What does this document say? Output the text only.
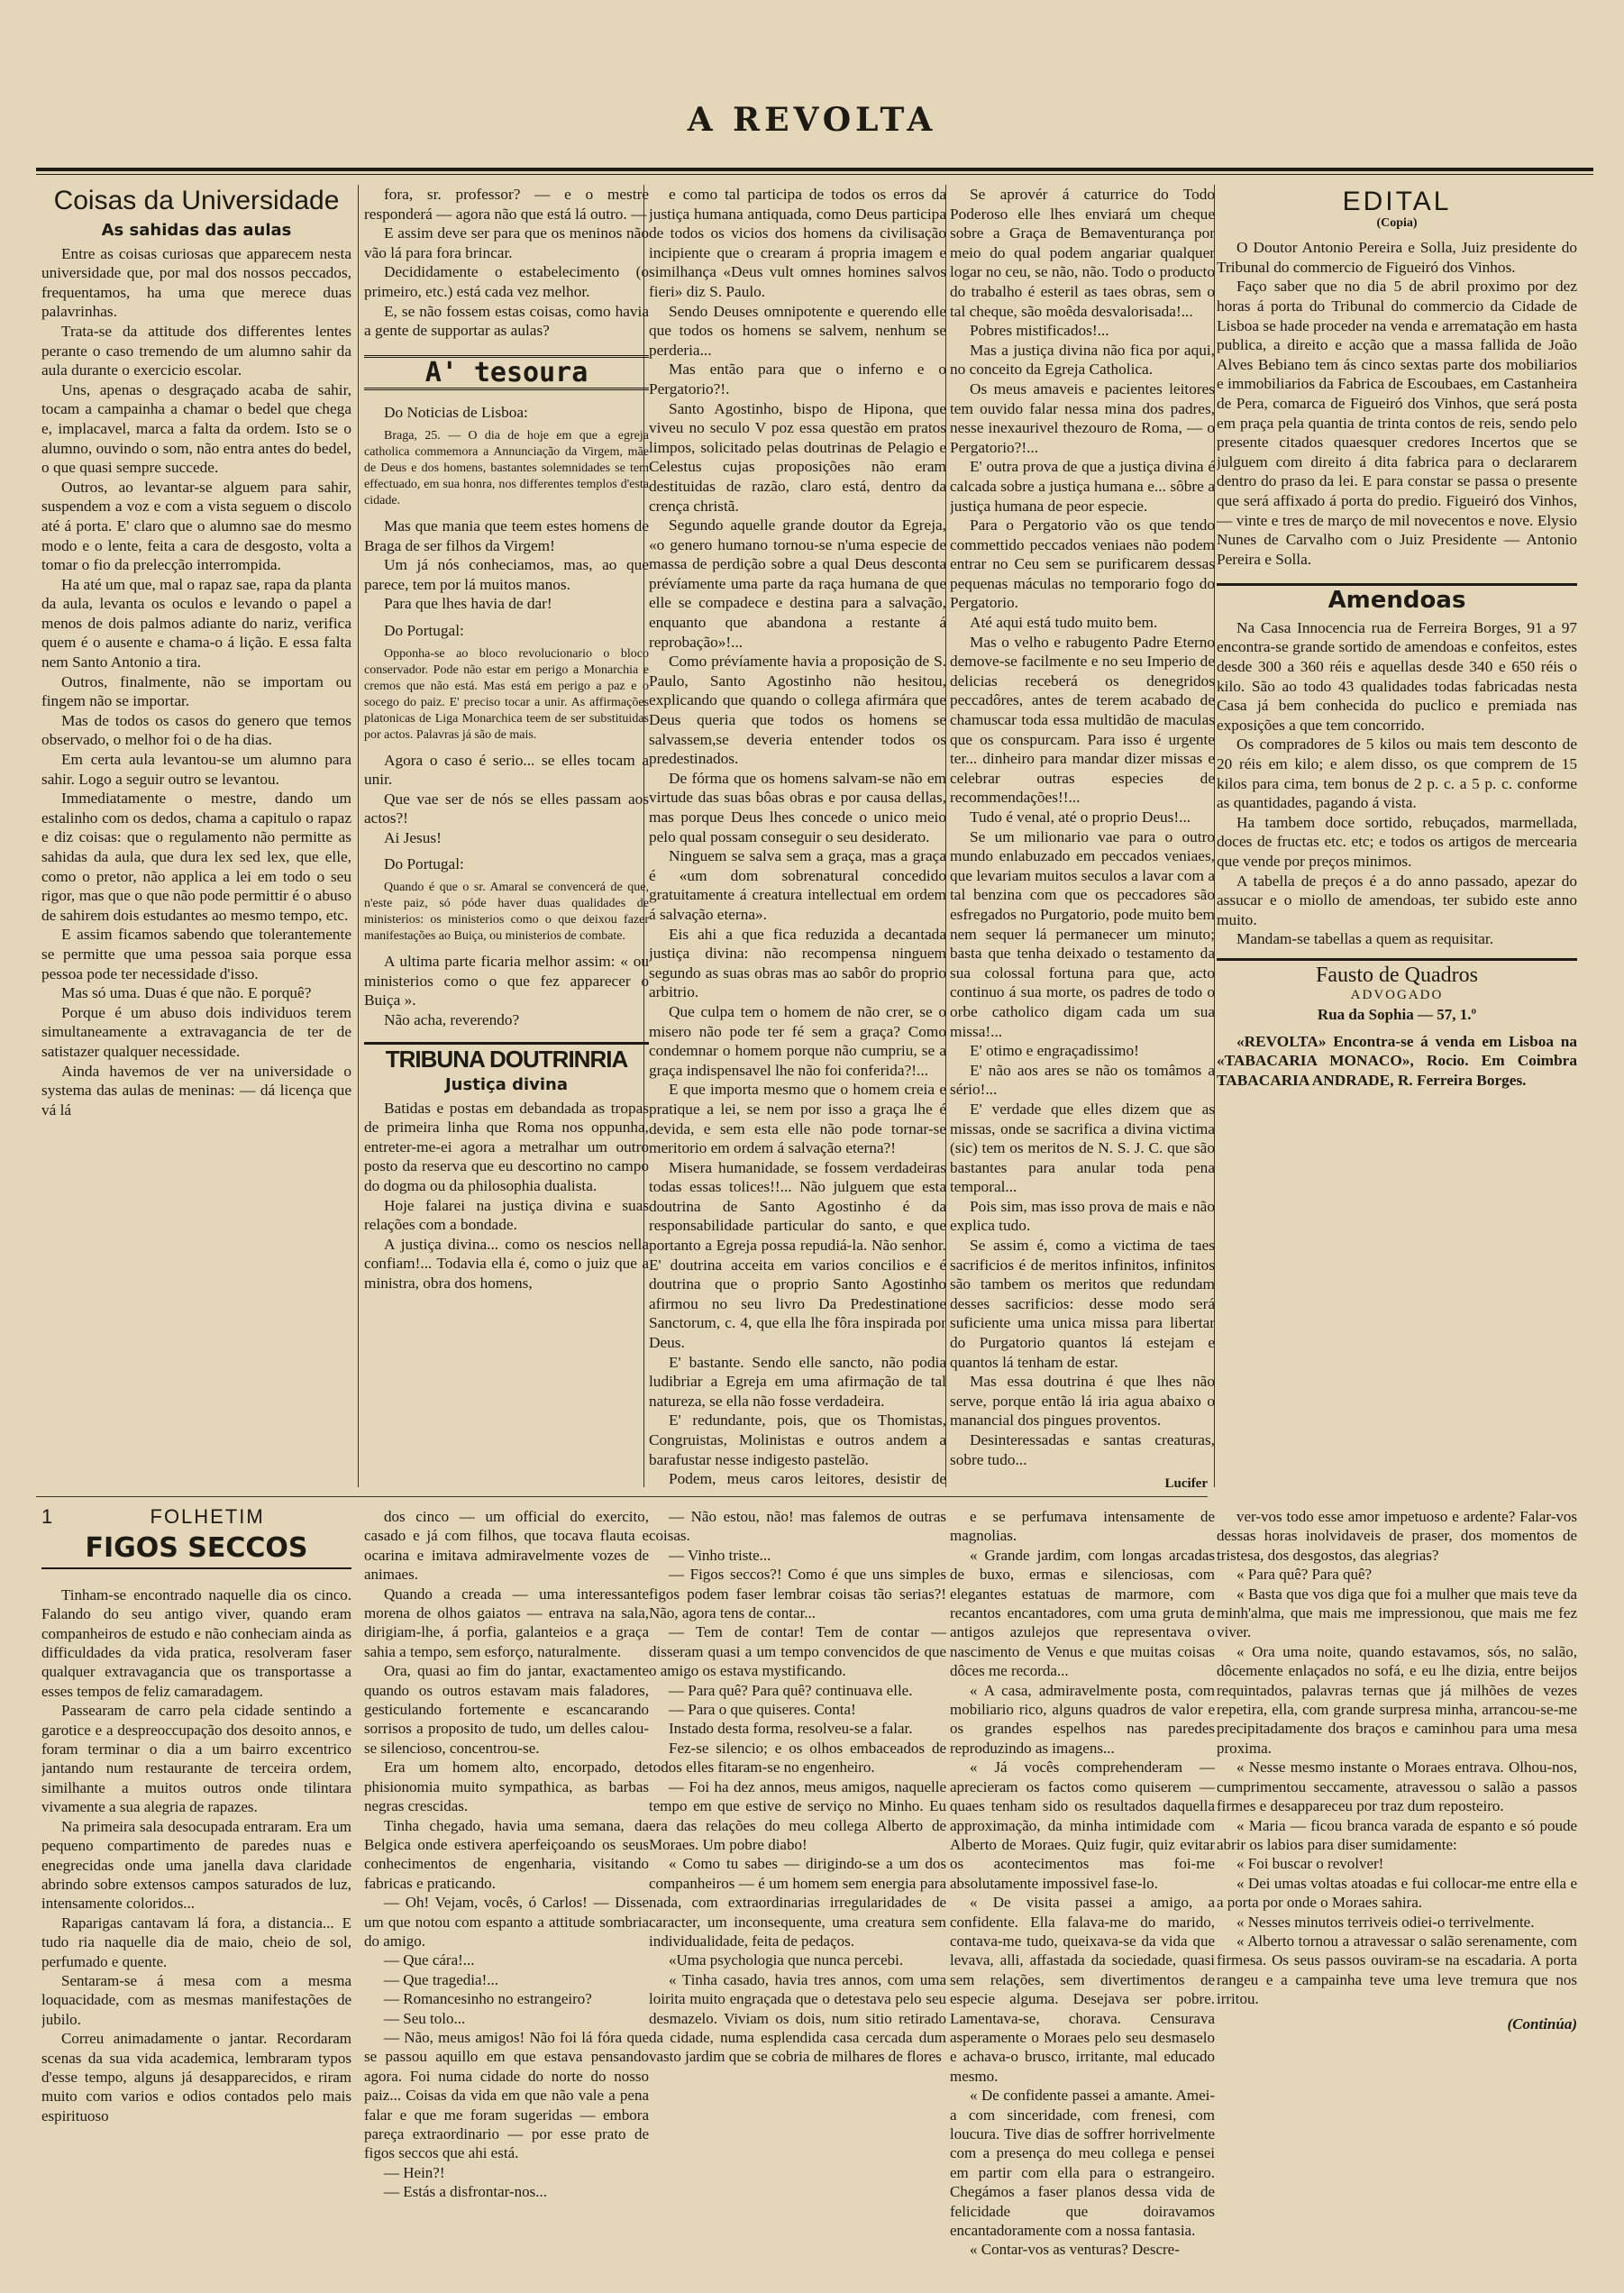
A REVOLTA
Coisas da Universidade
As sahidas das aulas

Entre as coisas curiosas que apparecem nesta universidade que, por mal dos nossos peccados, frequentamos, ha uma que merece duas palavrinhas.

Trata-se da attitude dos differentes lentes perante o caso tremendo de um alumno sahir da aula durante o exercicio escolar.

Uns, apenas o desgraçado acaba de sahir, tocam a campainha a chamar o bedel que chega e, implacavel, marca a falta da ordem. Isto se o alumno, ouvindo o som, não entra antes do bedel, o que quasi sempre succede.

Outros, ao levantar-se alguem para sahir, suspendem a voz e com a vista seguem o discolo até á porta. E' claro que o alumno sae do mesmo modo e o lente, feita a cara de desgosto, volta a tomar o fio da prelecção interrompida.

Ha até um que, mal o rapaz sae, rapa da planta da aula, levanta os oculos e levando o papel a menos de dois palmos adiante do nariz, verifica quem é o ausente e chama-o á lição. E essa falta nem Santo Antonio a tira.

Outros, finalmente, não se importam ou fingem não se importar.

Mas de todos os casos do genero que temos observado, o melhor foi o de ha dias.

Em certa aula levantou-se um alumno para sahir. Logo a seguir outro se levantou.

Immediatamente o mestre, dando um estalinho com os dedos, chama a capitulo o rapaz e diz coisas: que o regulamento não permitte as sahidas da aula, que dura lex sed lex, que elle, como o pretor, não applica a lei em todo o seu rigor, mas que o que não pode permittir é o abuso de sahirem dois estudantes ao mesmo tempo, etc.

E assim ficamos sabendo que tolerantemente se permitte que uma pessoa saia porque essa pessoa pode ter necessidade d'isso.

Mas só uma. Duas é que não. E porquê?

Porque é um abuso dois individuos terem simultaneamente a extravagancia de ter de satistazer qualquer necessidade.

Ainda havemos de ver na universidade o systema das aulas de meninas: — dá licença que vá lá

fora, sr. professor? — e o mestre responderá — agora não que está lá outro. —

E assim deve ser para que os meninos não vão lá para fora brincar.

Decididamente o estabelecimento (o primeiro, etc.) está cada vez melhor.

E, se não fossem estas coisas, como havia a gente de supportar as aulas?

A' tesoura

Do Noticias de Lisboa:

Braga, 25. — O dia de hoje em que a egreja catholica commemora a Annunciação da Virgem, mãe de Deus e dos homens, bastantes solemnidades se tem effectuado, em sua honra, nos differentes templos d'esta cidade.

Mas que mania que teem estes homens de Braga de ser filhos da Virgem!

Um já nós conheciamos, mas, ao que parece, tem por lá muitos manos.

Para que lhes havia de dar!

Do Portugal:

Opponha-se ao bloco revolucionario o bloco conservador. Pode não estar em perigo a Monarchia e cremos que não está. Mas está em perigo a paz e o socego do paiz. E' preciso tocar a unir. As affirmações platonicas de Liga Monarchica teem de ser substituidas por actos. Palavras já são de mais.

Agora o caso é serio... se elles tocam a unir.

Que vae ser de nós se elles passam aos actos?!

Ai Jesus!

Do Portugal:

Quando é que o sr. Amaral se convencerá de que, n'este paiz, só póde haver duas qualidades de ministerios: os ministerios como o que deixou fazer manifestações ao Buiça, ou ministerios de combate.

A ultima parte ficaria melhor assim: « ou ministerios como o que fez apparecer o Buiça ».

Não acha, reverendo?

TRIBUNA DOUTRINRIA
Justiça divina

Batidas e postas em debandada as tropas de primeira linha que Roma nos oppunha, entreter-me-ei agora a metralhar um outro posto da reserva que eu descortino no campo do dogma ou da philosophia dualista.

Hoje falarei na justiça divina e suas relações com a bondade.

A justiça divina... como os nescios nella confiam!... Todavia ella é, como o juiz que a ministra, obra dos homens,

e como tal participa de todos os erros da justiça humana antiquada, como Deus participa de todos os vicios dos homens da civilisação incipiente que o crearam á propria imagem e similhança «Deus vult omnes homines salvos fieri» diz S. Paulo.

Sendo Deuses omnipotente e querendo elle que todos os homens se salvem, nenhum se perderia...

Mas então para que o inferno e o Pergatorio?!.

Santo Agostinho, bispo de Hipona, que viveu no seculo V poz essa questão em pratos limpos, solicitado pelas doutrinas de Pelagio e Celestus cujas proposições não eram destituidas de razão, claro está, dentro da crença christã.

Segundo aquelle grande doutor da Egreja, «o genero humano tornou-se n'uma especie de massa de perdição sobre a qual Deus desconta prévíamente uma parte da raça humana de que elle se compadece e destina para a salvação, enquanto que abandona a restante á reprobação»!...

Como prévíamente havia a proposição de S. Paulo, Santo Agostinho não hesitou, explicando que quando o collega afirmára que Deus queria que todos os homens se salvassem,se deveria entender todos os predestinados.

De fórma que os homens salvam-se não em virtude das suas bôas obras e por causa dellas, mas porque Deus lhes concede o unico meio pelo qual possam conseguir o seu desiderato.

Ninguem se salva sem a graça, mas a graça é «um dom sobrenatural concedido gratuitamente á creatura intellectual em ordem á salvação eterna».

Eis ahi a que fica reduzida a decantada justiça divina: não recompensa ninguem segundo as suas obras mas ao sabôr do proprio arbitrio.

Que culpa tem o homem de não crer, se o misero não pode ter fé sem a graça? Como condemnar o homem porque não cumpriu, se a graça indispensavel lhe não foi conferida?!...

E que importa mesmo que o homem creia e pratique a lei, se nem por isso a graça lhe é devida, e sem esta elle não pode tornar-se meritorio em ordem á salvação eterna?!

Misera humanidade, se fossem verdadeiras todas essas tolices!!... Não julguem que esta doutrina de Santo Agostinho é da responsabilidade particular do santo, e que portanto a Egreja possa repudiá-la. Não senhor. E' doutrina acceita em varios concilios e é doutrina que o proprio Santo Agostinho afirmou no seu livro Da Predestinatione Sanctorum, c. 4, que ella lhe fôra inspirada por Deus.

E' bastante. Sendo elle sancto, não podia ludibriar a Egreja em uma afirmação de tal natureza, se ella não fosse verdadeira.

E' redundante, pois, que os Thomistas, Congruistas, Molinistas e outros andem a barafustar nesse indigesto pastelão.

Podem, meus caros leitores, desistir de

Se aprovér á caturrice do Todo Poderoso elle lhes enviará um cheque sobre a Graça de Bemaventurança por meio do qual podem angariar qualquer logar no ceu, se não, não. Todo o producto do trabalho é esteril as taes obras, sem o tal cheque, são moêda desvalorisada!...

Pobres mistificados!...

Mas a justiça divina não fica por aqui, no conceito da Egreja Catholica.

Os meus amaveis e pacientes leitores tem ouvido falar nessa mina dos padres, nesse inexaurivel thezouro de Roma, — o Pergatorio?!...

E' outra prova de que a justiça divina é calcada sobre a justiça humana e... sôbre a justiça humana de peor especie.

Para o Pergatorio vão os que tendo commettido peccados veniaes não podem entrar no Ceu sem se purificarem dessas pequenas máculas no temporario fogo do Pergatorio.

Até aqui está tudo muito bem.

Mas o velho e rabugento Padre Eterno demove-se facilmente e no seu Imperio de delicias receberá os denegridos peccadôres, antes de terem acabado de chamuscar toda essa multidão de maculas que os conspurcam. Para isso é urgente ter... dinheiro para mandar dizer missas e celebrar outras especies de recommendações!!...

Tudo é venal, até o proprio Deus!...

Se um milionario vae para o outro mundo enlabuzado em peccados veniaes, que levariam muitos seculos a lavar com a tal benzina com que os peccadores são esfregados no Purgatorio, pode muito bem nem sequer lá permanecer um minuto; basta que tenha deixado o testamento da sua colossal fortuna para que, acto continuo á sua morte, os padres de todo o orbe catholico digam cada um sua missa!...

E' otimo e engraçadissimo!

E' não aos ares se não os tomâmos a sério!...

E' verdade que elles dizem que as missas, onde se sacrifica a divina victima (sic) tem os meritos de N. S. J. C. que são bastantes para anular toda pena temporal...

Pois sim, mas isso prova de mais e não explica tudo.

Se assim é, como a victima de taes sacrificios é de meritos infinitos, infinitos são tambem os meritos que redundam desses sacrificios: desse modo será suficiente uma unica missa para libertar do Purgatorio quantos lá estejam e quantos lá tenham de estar.

Mas essa doutrina é que lhes não serve, porque então lá iria agua abaixo o manancial dos pingues proventos.

Desinteressadas e santas creaturas, sobre tudo...

Lucifer

EDITAL
(Copia)

O Doutor Antonio Pereira e Solla, Juiz presidente do Tribunal do commercio de Figueiró dos Vinhos.

Faço saber que no dia 5 de abril proximo por dez horas á porta do Tribunal do commercio da Cidade de Lisboa se hade proceder na venda e arrematação em hasta publica, a direito e acção que a massa fallida de João Alves Bebiano tem ás cinco sextas parte dos mobiliarios e immobiliarios da Fabrica de Escoubaes, em Castanheira de Pera, comarca de Figueiró dos Vinhos, que será posta em praça pela quantia de trinta contos de reis, sendo pelo presente citados quaesquer credores Incertos que se julguem com direito á dita fabrica para o declararem dentro do praso da lei. E para constar se passa o presente que será affixado á porta do predio. Figueiró dos Vinhos, — vinte e tres de março de mil novecentos e nove. Elysio Nunes de Carvalho com o Juiz Presidente — Antonio Pereira e Solla.

Amendoas

Na Casa Innocencia rua de Ferreira Borges, 91 a 97 encontra-se grande sortido de amendoas e confeitos, estes desde 300 a 360 réis e aquellas desde 340 e 650 réis o kilo. São ao todo 43 qualidades todas fabricadas nesta Casa já bem conhecida do puclico e premiada nas exposições a que tem concorrido.

Os compradores de 5 kilos ou mais tem desconto de 20 réis em kilo; e alem disso, os que comprem de 15 kilos para cima, tem bonus de 2 p. c. a 5 p. c. conforme as quantidades, pagando á vista.

Ha tambem doce sortido, rebuçados, marmellada, doces de fructas etc. etc; e todos os artigos de mercearia que vende por preços minimos.

A tabella de preços é a do anno passado, apezar do assucar e o miollo de amendoas, ter subido este anno muito.

Mandam-se tabellas a quem as requisitar.

Fausto de Quadros
ADVOGADO
Rua da Sophia — 57, 1.º

«REVOLTA» Encontra-se á venda em Lisboa na «TABACARIA MONACO», Rocio. Em Coimbra TABACARIA ANDRADE, R. Ferreira Borges.

1	FOLHETIM
FIGOS SECCOS

Tinham-se encontrado naquelle dia os cinco. Falando do seu antigo viver, quando eram companheiros de estudo e não conheciam ainda as difficuldades da vida pratica, resolveram faser qualquer extravagancia que os transportasse a esses tempos de feliz camaradagem.

Passearam de carro pela cidade sentindo a garotice e a despreoccupação dos desoito annos, e foram terminar o dia a um bairro excentrico jantando num restaurante de terceira ordem, similhante a muitos outros onde tilintara vivamente a sua alegria de rapazes.

Na primeira sala desocupada entraram. Era um pequeno compartimento de paredes nuas e enegrecidas onde uma janella dava claridade abrindo sobre extensos campos saturados de luz, intensamente coloridos...

Raparigas cantavam lá fora, a distancia... E tudo ria naquelle dia de maio, cheio de sol, perfumado e quente.

Sentaram-se á mesa com a mesma loquacidade, com as mesmas manifestações de jubilo.

Correu animadamente o jantar. Recordaram scenas da sua vida academica, lembraram typos d'esse tempo, alguns já desapparecidos, e riram muito com varios e odios contados pelo mais espirituoso

dos cinco — um official do exercito, casado e já com filhos, que tocava flauta e ocarina e imitava admiravelmente vozes de animaes.

Quando a creada — uma interessante morena de olhos gaiatos — entrava na sala, dirigiam-lhe, á porfia, galanteios e a graça sahia a tempo, sem esforço, naturalmente.

Ora, quasi ao fim do jantar, exactamente quando os outros estavam mais faladores, gesticulando fortemente e escancarando sorrisos a proposito de tudo, um delles calou-se silencioso, concentrou-se.

Era um homem alto, encorpado, de phisionomia muito sympathica, as barbas negras crescidas.

Tinha chegado, havia uma semana, da Belgica onde estivera aperfeiçoando os seus conhecimentos de engenharia, visitando fabricas e praticando.

— Oh! Vejam, vocês, ó Carlos! — Disse um que notou com espanto a attitude sombria do amigo.

— Que cára!...

— Que tragedia!...

— Romancesinho no estrangeiro?

— Seu tolo...

— Não, meus amigos! Não foi lá fóra que se passou aquillo em que estava pensando agora. Foi numa cidade do norte do nosso paiz... Coisas da vida em que não vale a pena falar e que me foram sugeridas — embora pareça extraordinario — por esse prato de figos seccos que ahi está.

— Hein?!

— Estás a disfrontar-nos...

— Não estou, não! mas falemos de outras coisas.

— Vinho triste...

— Figos seccos?! Como é que uns simples figos podem faser lembrar coisas tão serias?! Não, agora tens de contar...

— Tem de contar! Tem de contar — disseram quasi a um tempo convencidos de que o amigo os estava mystificando.

— Para quê? Para quê? continuava elle.

— Para o que quiseres. Conta!

Instado desta forma, resolveu-se a falar.

Fez-se silencio; e os olhos embaceados de todos elles fitaram-se no engenheiro.

— Foi ha dez annos, meus amigos, naquelle tempo em que estive de serviço no Minho. Eu era das relações do meu collega Alberto de Moraes. Um pobre diabo!

« Como tu sabes — dirigindo-se a um dos companheiros — é um homem sem energia para nada, com extraordinarias irregularidades de caracter, um inconsequente, uma creatura sem individualidade, feita de pedaços.

«Uma psychologia que nunca percebi.

« Tinha casado, havia tres annos, com uma loirita muito engraçada que o detestava pelo seu desmazelo. Viviam os dois, num sitio retirado da cidade, numa esplendida casa cercada dum vasto jardim que se cobria de milhares de flores

e se perfumava intensamente de magnolias.

« Grande jardim, com longas arcadas de buxo, ermas e silenciosas, com elegantes estatuas de marmore, com recantos encantadores, com uma gruta de antigos azulejos que representava o nascimento de Venus e que muitas coisas dôces me recorda...

« A casa, admiravelmente posta, com mobiliario rico, alguns quadros de valor e os grandes espelhos nas paredes reproduzindo as imagens...

« Já vocês comprehenderam — aprecieram os factos como quiserem — quaes tenham sido os resultados daquella approximação, da minha intimidade com Alberto de Moraes. Quiz fugir, quiz evitar os acontecimentos mas foi-me absolutamente impossivel fase-lo.

« De visita passei a amigo, a confidente. Ella falava-me do marido, contava-me tudo, queixava-se da vida que levava, alli, affastada da sociedade, quasi sem relações, sem divertimentos de especie alguma. Desejava ser pobre. Lamentava-se, chorava. Censurava asperamente o Moraes pelo seu desmaselo e achava-o brusco, irritante, mal educado mesmo.

« De confidente passei a amante. Amei-a com sinceridade, com frenesi, com loucura. Tive dias de soffrer horrivelmente com a presença do meu collega e pensei em partir com ella para o estrangeiro. Chegámos a faser planos dessa vida de felicidade que doiravamos encantadoramente com a nossa fantasia.

« Contar-vos as venturas? Descre-

ver-vos todo esse amor impetuoso e ardente? Falar-vos dessas horas inolvidaveis de praser, dos momentos de tristesa, dos desgostos, das alegrias?

« Para quê? Para quê?

« Basta que vos diga que foi a mulher que mais teve da minh'alma, que mais me impressionou, que mais me fez viver.

« Ora uma noite, quando estavamos, sós, no salão, dôcemente enlaçados no sofá, e eu lhe dizia, entre beijos requintados, palavras ternas que já milhões de vezes repetira, ella, com grande surpresa minha, arrancou-se-me precipitadamente dos braços e caminhou para uma mesa proxima.

« Nesse mesmo instante o Moraes entrava. Olhou-nos, cumprimentou seccamente, atravessou o salão a passos firmes e desappareceu por traz dum reposteiro.

« Maria — ficou branca varada de espanto e só poude abrir os labios para diser sumidamente:

« Foi buscar o revolver!

« Dei umas voltas atoadas e fui collocar-me entre ella e a porta por onde o Moraes sahira.

« Nesses minutos terriveis odiei-o terrivelmente.

« Alberto tornou a atravessar o salão serenamente, com firmesa. Os seus passos ouviram-se na escadaria. A porta rangeu e a campainha teve uma leve tremura que nos irritou.

(Continúa)
